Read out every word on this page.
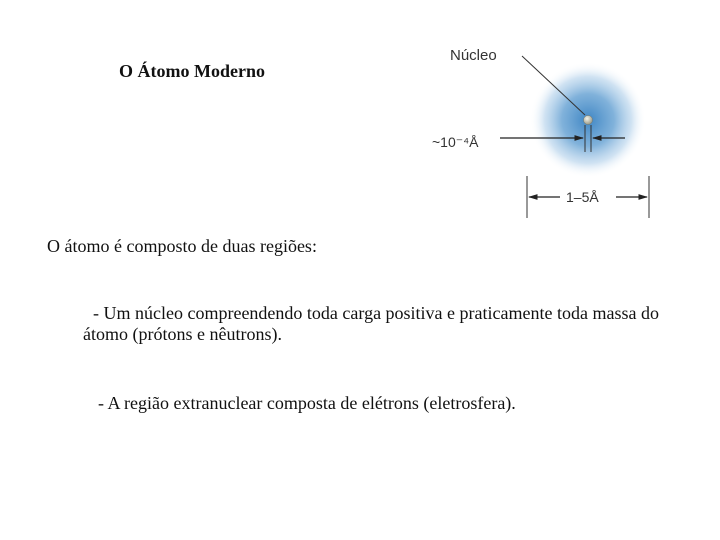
O Átomo Moderno
Núcleo
~10⁻⁴Å
1–5Å
O átomo é composto de duas regiões:
- Um núcleo compreendendo toda carga positiva e praticamente toda massa do átomo (prótons e nêutrons).
- A região extranuclear composta de elétrons (eletrosfera).
